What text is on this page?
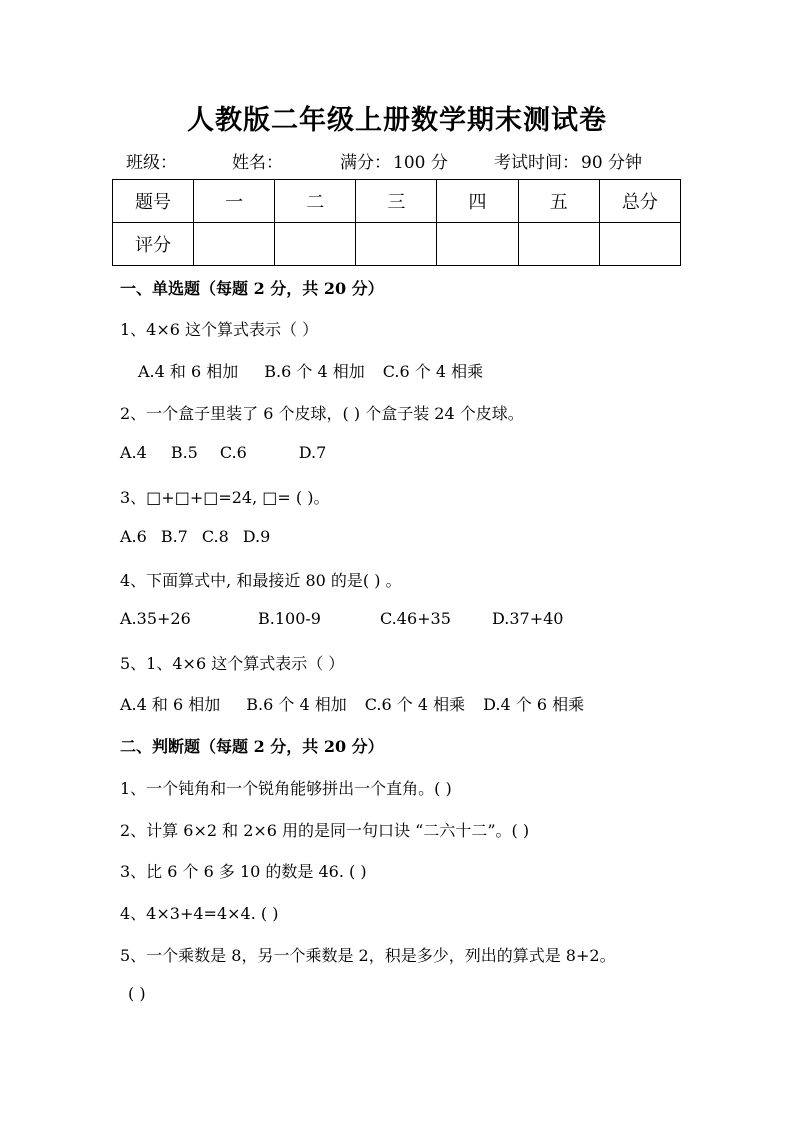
人教版二年级上册数学期末测试卷
班级：	姓名：	满分： 100 分	考试时间： 90 分钟
题号	一	二	三	四	五	总分
评分						
一、单选题（每题 2 分，共 20 分）
1、4×6 这个算式表示（ ）
A.4 和 6 相加 B.6 个 4 相加 C.6 个 4 相乘
2、一个盒子里装了 6 个皮球，( ) 个盒子装 24 个皮球。
A.4 B.5 C.6	D.7
3、□+□+□=24, □= ( )。
A.6 B.7 C.8 D.9
4、下面算式中, 和最接近 80 的是( ) 。
A.35+26	B.100-9	C.46+35	D.37+40
5、1、4×6 这个算式表示（ ）
A.4 和 6 相加 B.6 个 4 相加 C.6 个 4 相乘 D.4 个 6 相乘
二、判断题（每题 2 分，共 20 分）
1、一个钝角和一个锐角能够拼出一个直角。( )
2、计算 6×2 和 2×6 用的是同一句口诀 “二六十二”。( )
3、比 6 个 6 多 10 的数是 46. ( )
4、4×3+4=4×4. ( )
5、一个乘数是 8，另一个乘数是 2，积是多少，列出的算式是 8+2。
( )
